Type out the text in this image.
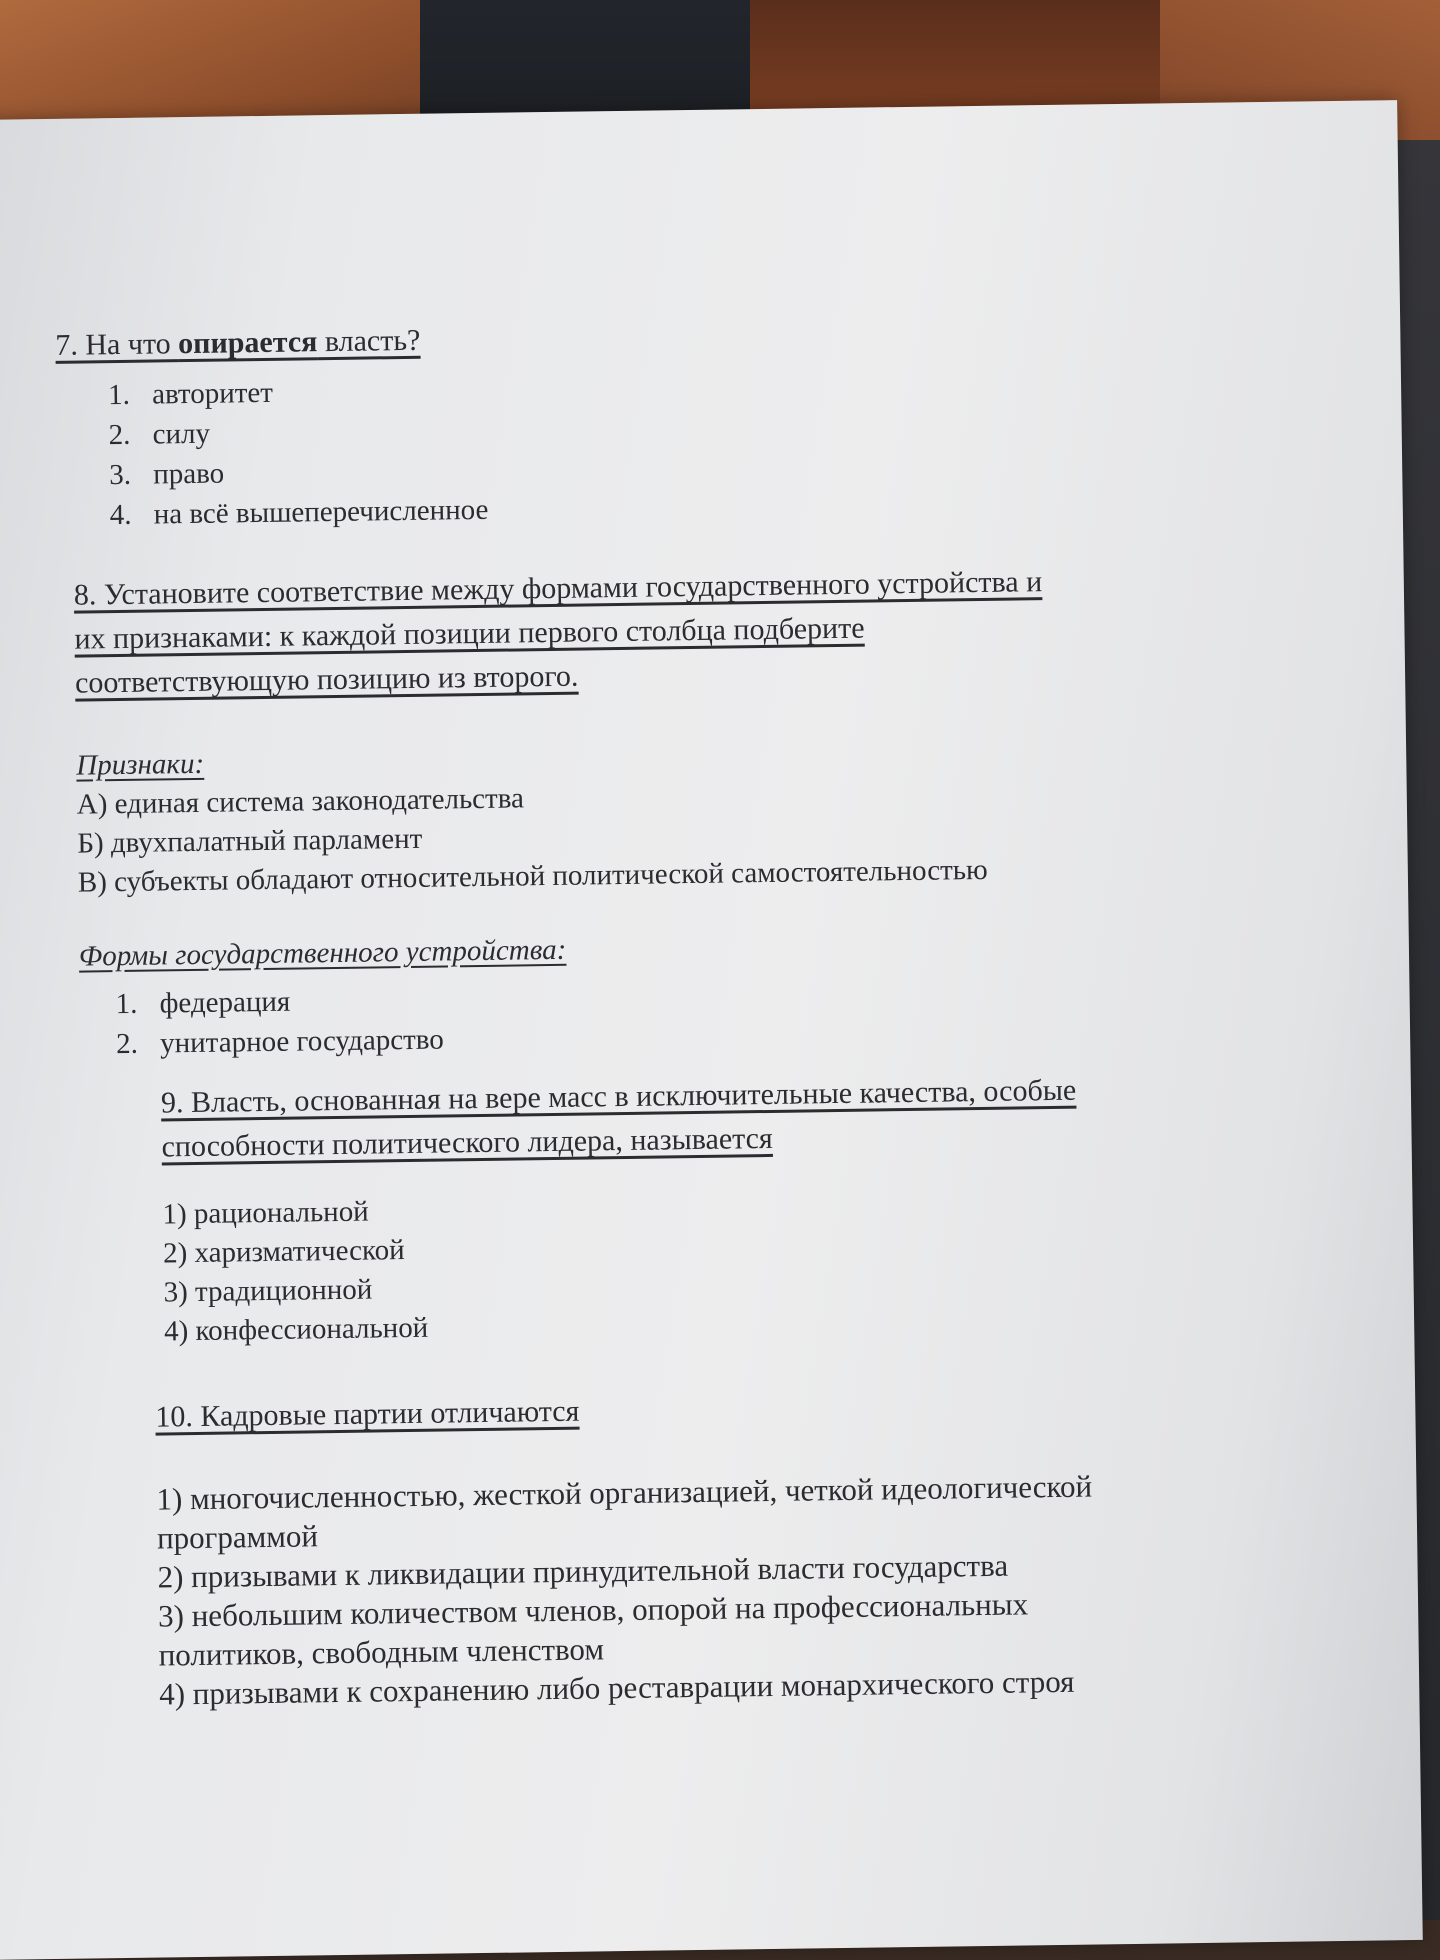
7. На что опирается власть?

1. авторитет
2. силу
3. право
4. на всё вышеперечисленное

8. Установите соответствие между формами государственного устройства и

их признаками: к каждой позиции первого столбца подберите

соответствующую позицию из второго.

Признаки:

А) единая система законодательства

Б) двухпалатный парламент

В) субъекты обладают относительной политической самостоятельностью

Формы государственного устройства:

1. федерация
2. унитарное государство

9. Власть, основанная на вере масс в исключительные качества, особые

способности политического лидера, называется

1) рациональной

2) харизматической

3) традиционной

4) конфессиональной

10. Кадровые партии отличаются

1) многочисленностью, жесткой организацией, четкой идеологической

программой

2) призывами к ликвидации принудительной власти государства

3) небольшим количеством членов, опорой на профессиональных

политиков, свободным членством

4) призывами к сохранению либо реставрации монархического строя
